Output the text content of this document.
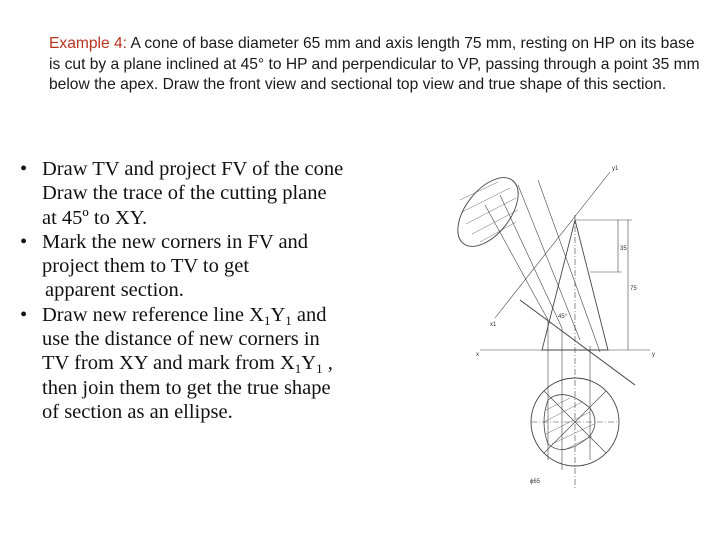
Example 4: A cone of base diameter 65 mm and axis length 75 mm, resting on HP on its base is cut by a plane inclined at 45° to HP and perpendicular to VP, passing through a point 35 mm below the apex. Draw the front view and sectional top view and true shape of this section.
• Draw TV and project FV of the cone
Draw the trace of the cutting plane
at 45º to XY.
• Mark the new corners in FV and
project them to TV to get
apparent section.
• Draw new reference line $X_1Y_1$ and
use the distance of new corners in
TV from XY and mark from $X_1Y_1$ ,
then join them to get the true shape
of section as an ellipse.
x	y
x1
y1
45°
35
75
ϕ65
